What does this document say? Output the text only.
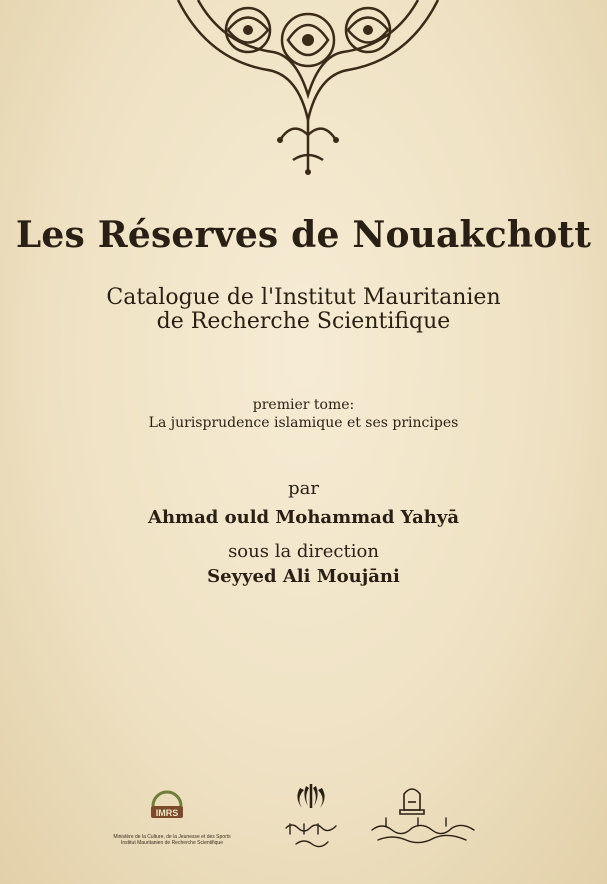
Les Réserves de Nouakchott
Catalogue de l'Institut Mauritanien
de Recherche Scientifique
premier tome:
La jurisprudence islamique et ses principes
par
Ahmad ould Mohammad Yahyā
sous la direction
Seyyed Ali Moujāni
IMRS
Ministère de la Culture, de la Jeunesse et des Sports
Institut Mauritanien de Recherche Scientifique
